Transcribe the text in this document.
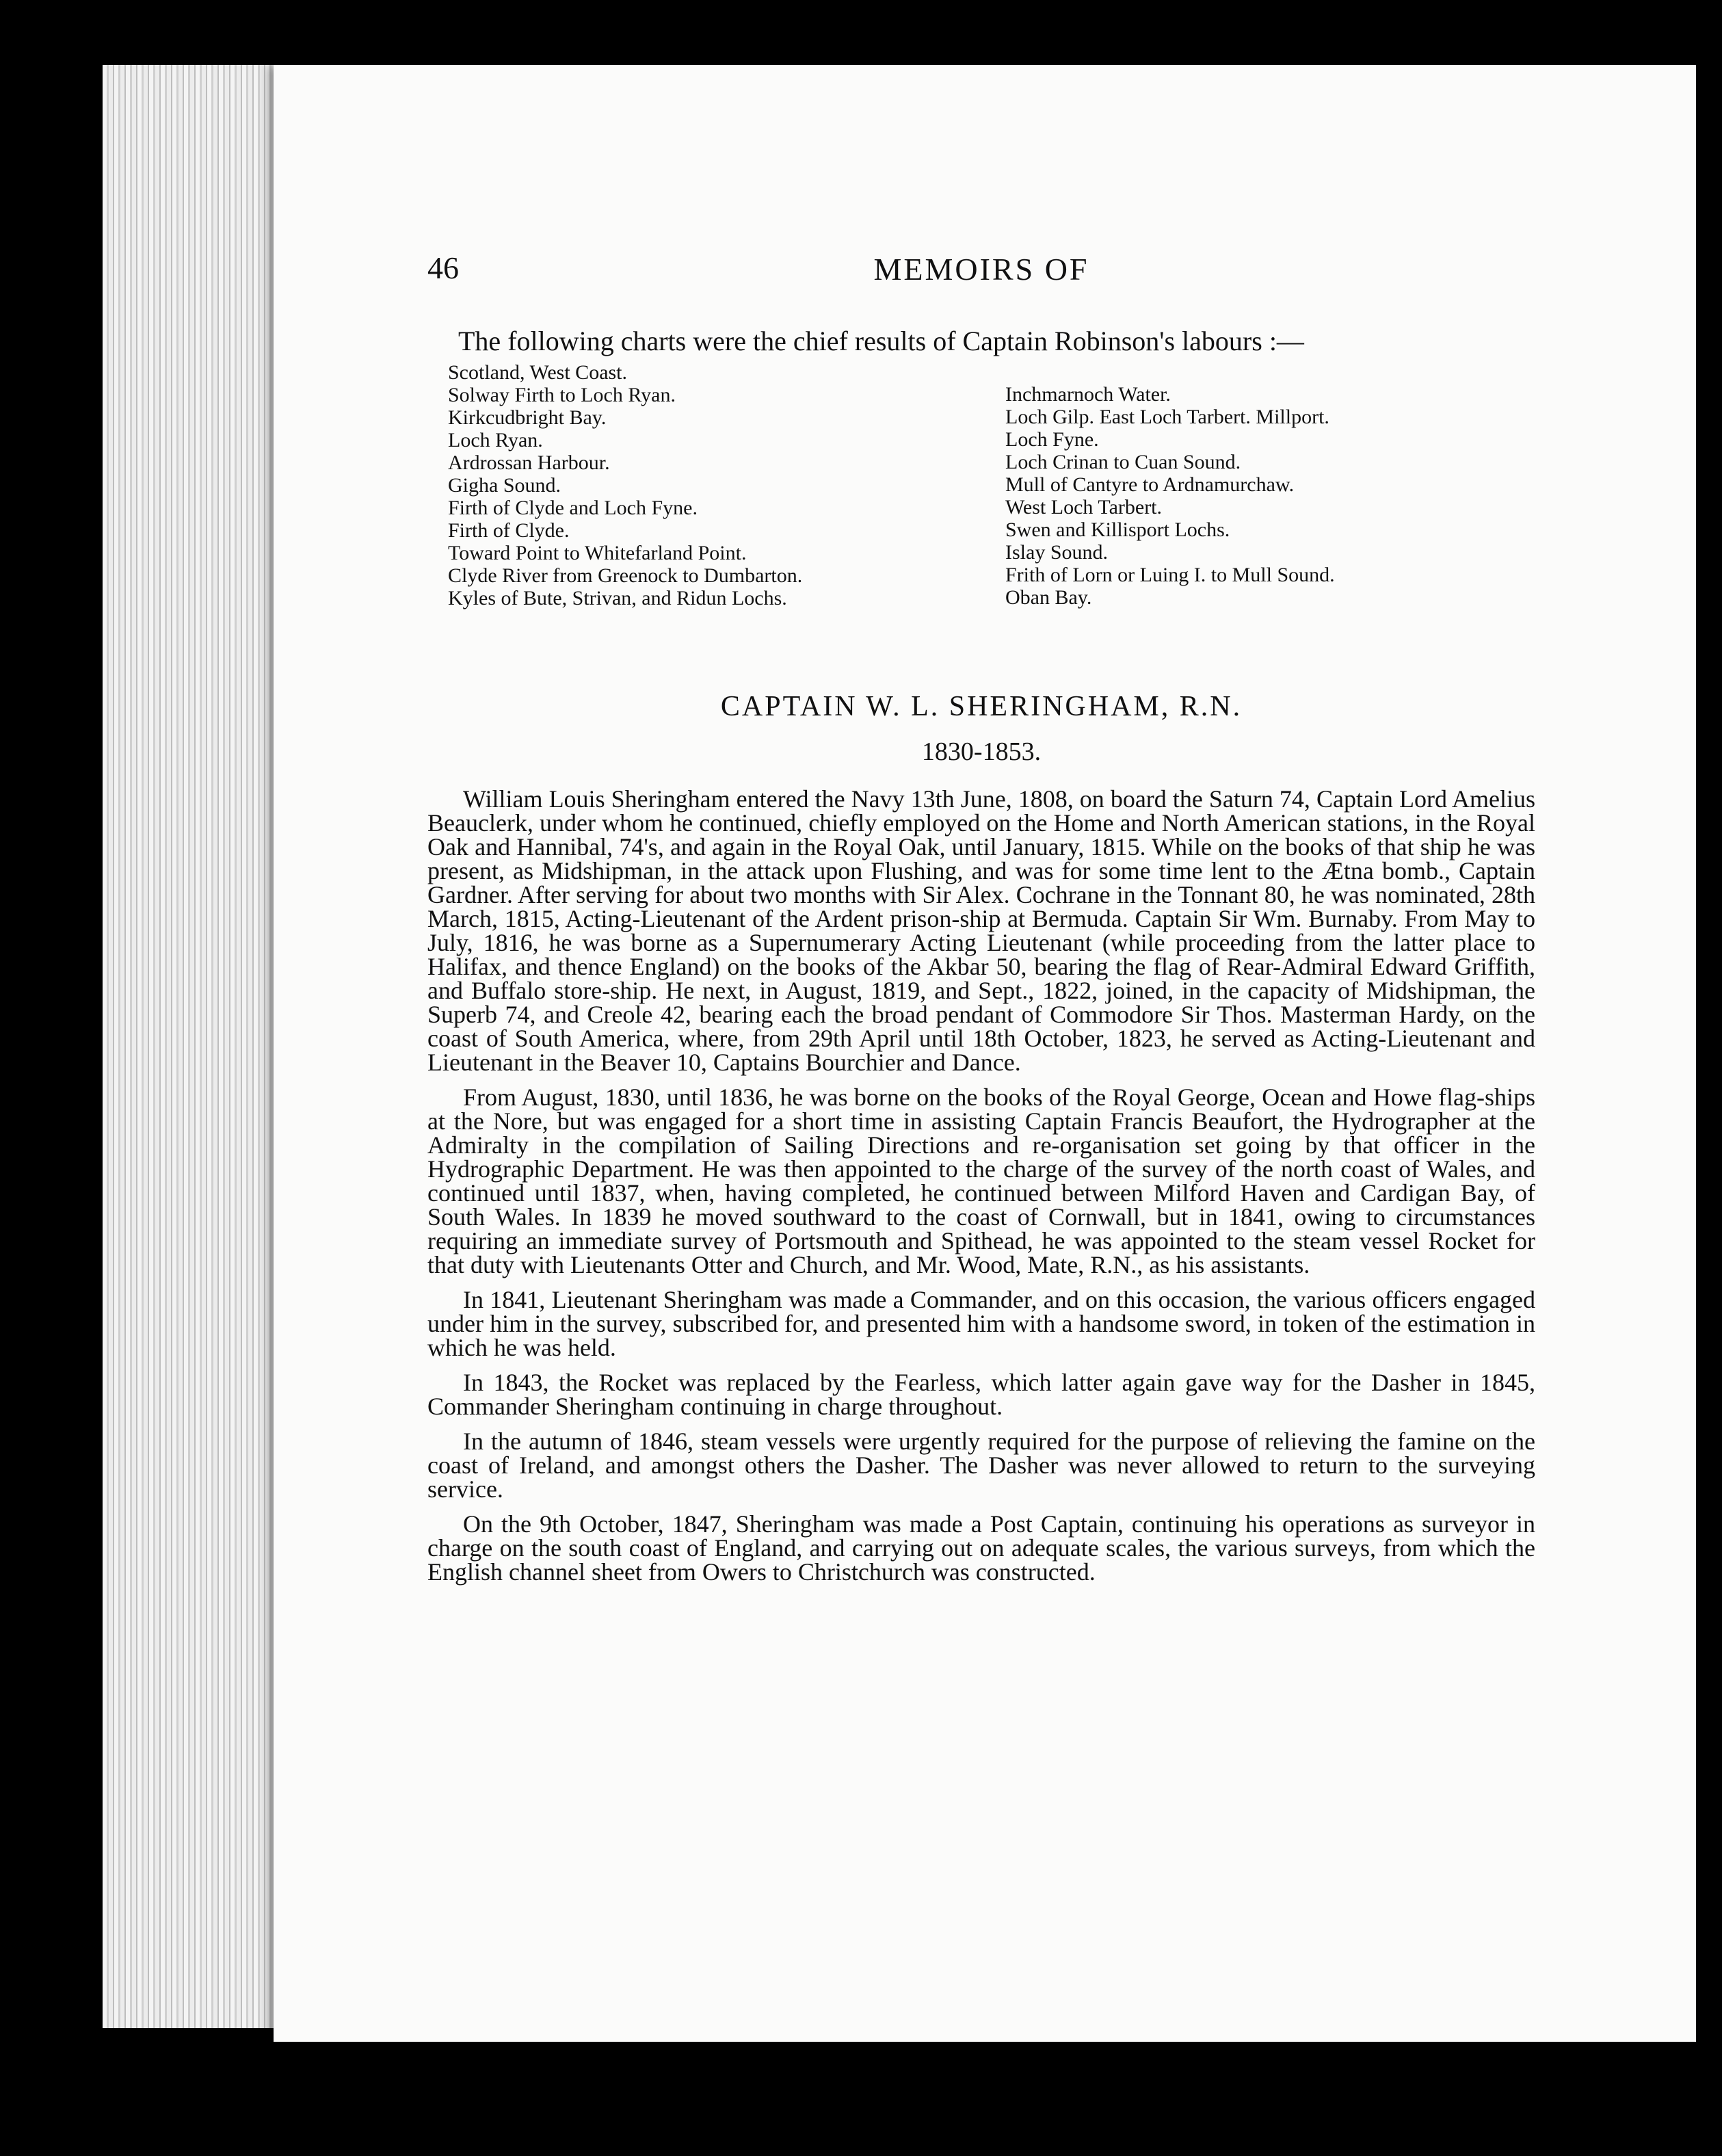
46	MEMOIRS OF
The following charts were the chief results of Captain Robinson's labours :—
Scotland, West Coast.
Solway Firth to Loch Ryan.
Kirkcudbright Bay.
Loch Ryan.
Ardrossan Harbour.
Gigha Sound.
Firth of Clyde and Loch Fyne.
Firth of Clyde.
Toward Point to Whitefarland Point.
Clyde River from Greenock to Dumbarton.
Kyles of Bute, Strivan, and Ridun Lochs.
Inchmarnoch Water.
Loch Gilp. East Loch Tarbert. Millport.
Loch Fyne.
Loch Crinan to Cuan Sound.
Mull of Cantyre to Ardnamurchaw.
West Loch Tarbert.
Swen and Killisport Lochs.
Islay Sound.
Frith of Lorn or Luing I. to Mull Sound.
Oban Bay.
CAPTAIN W. L. SHERINGHAM, R.N.
1830-1853.

William Louis Sheringham entered the Navy 13th June, 1808, on board the Saturn 74, Captain Lord Amelius Beauclerk, under whom he continued, chiefly employed on the Home and North American stations, in the Royal Oak and Hannibal, 74's, and again in the Royal Oak, until January, 1815. While on the books of that ship he was present, as Midshipman, in the attack upon Flushing, and was for some time lent to the Ætna bomb., Captain Gardner. After serving for about two months with Sir Alex. Cochrane in the Tonnant 80, he was nominated, 28th March, 1815, Acting-Lieutenant of the Ardent prison-ship at Bermuda. Captain Sir Wm. Burnaby. From May to July, 1816, he was borne as a Supernumerary Acting Lieutenant (while proceeding from the latter place to Halifax, and thence England) on the books of the Akbar 50, bearing the flag of Rear-Admiral Edward Griffith, and Buffalo store-ship. He next, in August, 1819, and Sept., 1822, joined, in the capacity of Midshipman, the Superb 74, and Creole 42, bearing each the broad pendant of Commodore Sir Thos. Masterman Hardy, on the coast of South America, where, from 29th April until 18th October, 1823, he served as Acting-Lieutenant and Lieutenant in the Beaver 10, Captains Bourchier and Dance.

From August, 1830, until 1836, he was borne on the books of the Royal George, Ocean and Howe flag-ships at the Nore, but was engaged for a short time in assisting Captain Francis Beaufort, the Hydrographer at the Admiralty in the compilation of Sailing Directions and re-organisation set going by that officer in the Hydrographic Department. He was then appointed to the charge of the survey of the north coast of Wales, and continued until 1837, when, having completed, he continued between Milford Haven and Cardigan Bay, of South Wales. In 1839 he moved southward to the coast of Cornwall, but in 1841, owing to circumstances requiring an immediate survey of Portsmouth and Spithead, he was appointed to the steam vessel Rocket for that duty with Lieutenants Otter and Church, and Mr. Wood, Mate, R.N., as his assistants.

In 1841, Lieutenant Sheringham was made a Commander, and on this occasion, the various officers engaged under him in the survey, subscribed for, and presented him with a handsome sword, in token of the estimation in which he was held.

In 1843, the Rocket was replaced by the Fearless, which latter again gave way for the Dasher in 1845, Commander Sheringham continuing in charge throughout.

In the autumn of 1846, steam vessels were urgently required for the purpose of relieving the famine on the coast of Ireland, and amongst others the Dasher. The Dasher was never allowed to return to the surveying service.

On the 9th October, 1847, Sheringham was made a Post Captain, continuing his operations as surveyor in charge on the south coast of England, and carrying out on adequate scales, the various surveys, from which the English channel sheet from Owers to Christchurch was constructed.
